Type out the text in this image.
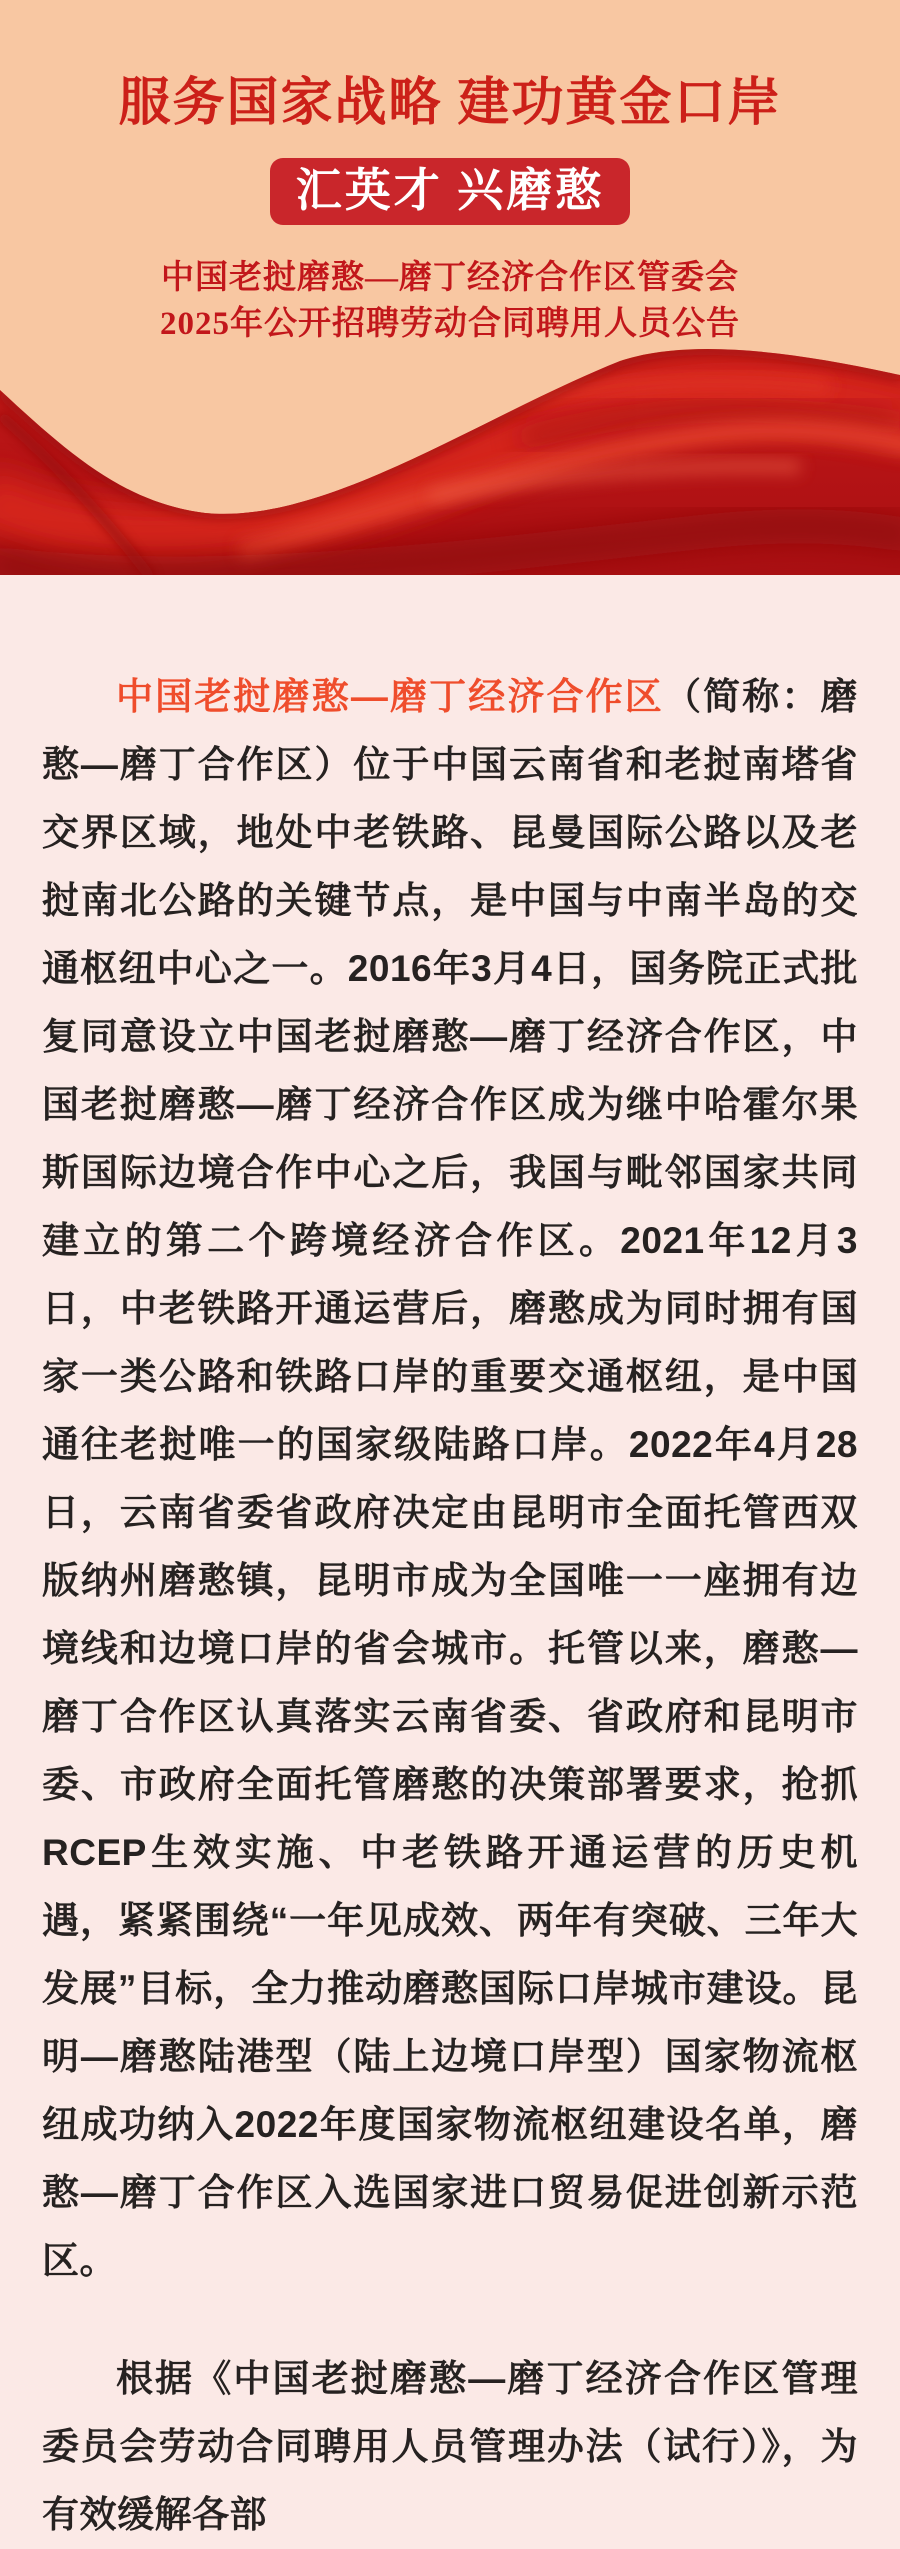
服务国家战略 建功黄金口岸
汇英才 兴磨憨
中国老挝磨憨—磨丁经济合作区管委会
2025年公开招聘劳动合同聘用人员公告

中国老挝磨憨—磨丁经济合作区（简称：磨憨—磨丁合作区）位于中国云南省和老挝南塔省交界区域，地处中老铁路、昆曼国际公路以及老挝南北公路的关键节点，是中国与中南半岛的交通枢纽中心之一。2016年3月4日，国务院正式批复同意设立中国老挝磨憨—磨丁经济合作区，中国老挝磨憨—磨丁经济合作区成为继中哈霍尔果斯国际边境合作中心之后，我国与毗邻国家共同建立的第二个跨境经济合作区。2021年12月3日，中老铁路开通运营后，磨憨成为同时拥有国家一类公路和铁路口岸的重要交通枢纽，是中国通往老挝唯一的国家级陆路口岸。2022年4月28日，云南省委省政府决定由昆明市全面托管西双版纳州磨憨镇，昆明市成为全国唯一一座拥有边境线和边境口岸的省会城市。托管以来，磨憨—磨丁合作区认真落实云南省委、省政府和昆明市委、市政府全面托管磨憨的决策部署要求，抢抓RCEP生效实施、中老铁路开通运营的历史机遇，紧紧围绕“一年见成效、两年有突破、三年大发展”目标，全力推动磨憨国际口岸城市建设。昆明—磨憨陆港型（陆上边境口岸型）国家物流枢纽成功纳入2022年度国家物流枢纽建设名单，磨憨—磨丁合作区入选国家进口贸易促进创新示范区。

根据《中国老挝磨憨—磨丁经济合作区管理委员会劳动合同聘用人员管理办法（试行）》，为有效缓解各部
